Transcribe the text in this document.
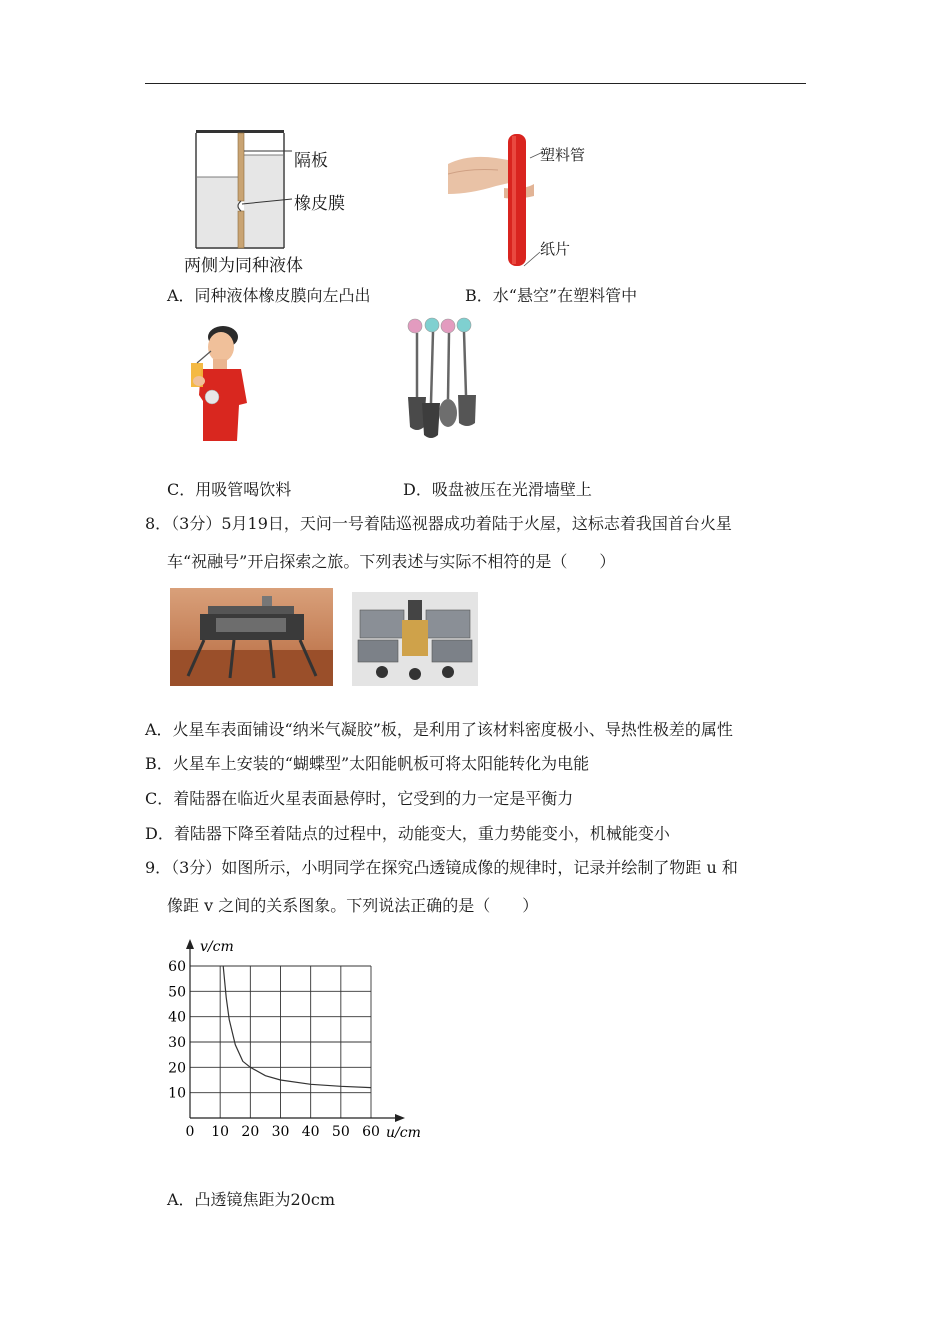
隔板
橡皮膜
两侧为同种液体
塑料管
纸片
A．同种液体橡皮膜向左凸出	B．水“悬空”在塑料管中
C．用吸管喝饮料	D．吸盘被压在光滑墙壁上
8．（3分）5月19日，天问一号着陆巡视器成功着陆于火屋，这标志着我国首台火星
车“祝融号”开启探索之旅。下列表述与实际不相符的是（　　）
A．火星车表面铺设“纳米气凝胶”板，是利用了该材料密度极小、导热性极差的属性
B．火星车上安装的“蝴蝶型”太阳能帆板可将太阳能转化为电能
C．着陆器在临近火星表面悬停时，它受到的力一定是平衡力
D．着陆器下降至着陆点的过程中，动能变大，重力势能变小，机械能变小
9．（3分）如图所示，小明同学在探究凸透镜成像的规律时，记录并绘制了物距 u 和
像距 v 之间的关系图象。下列说法正确的是（　　）
0 10 20 30 40 50 60
10
20
30
40
50
60
v/cm
u/cm
A．凸透镜焦距为20cm
